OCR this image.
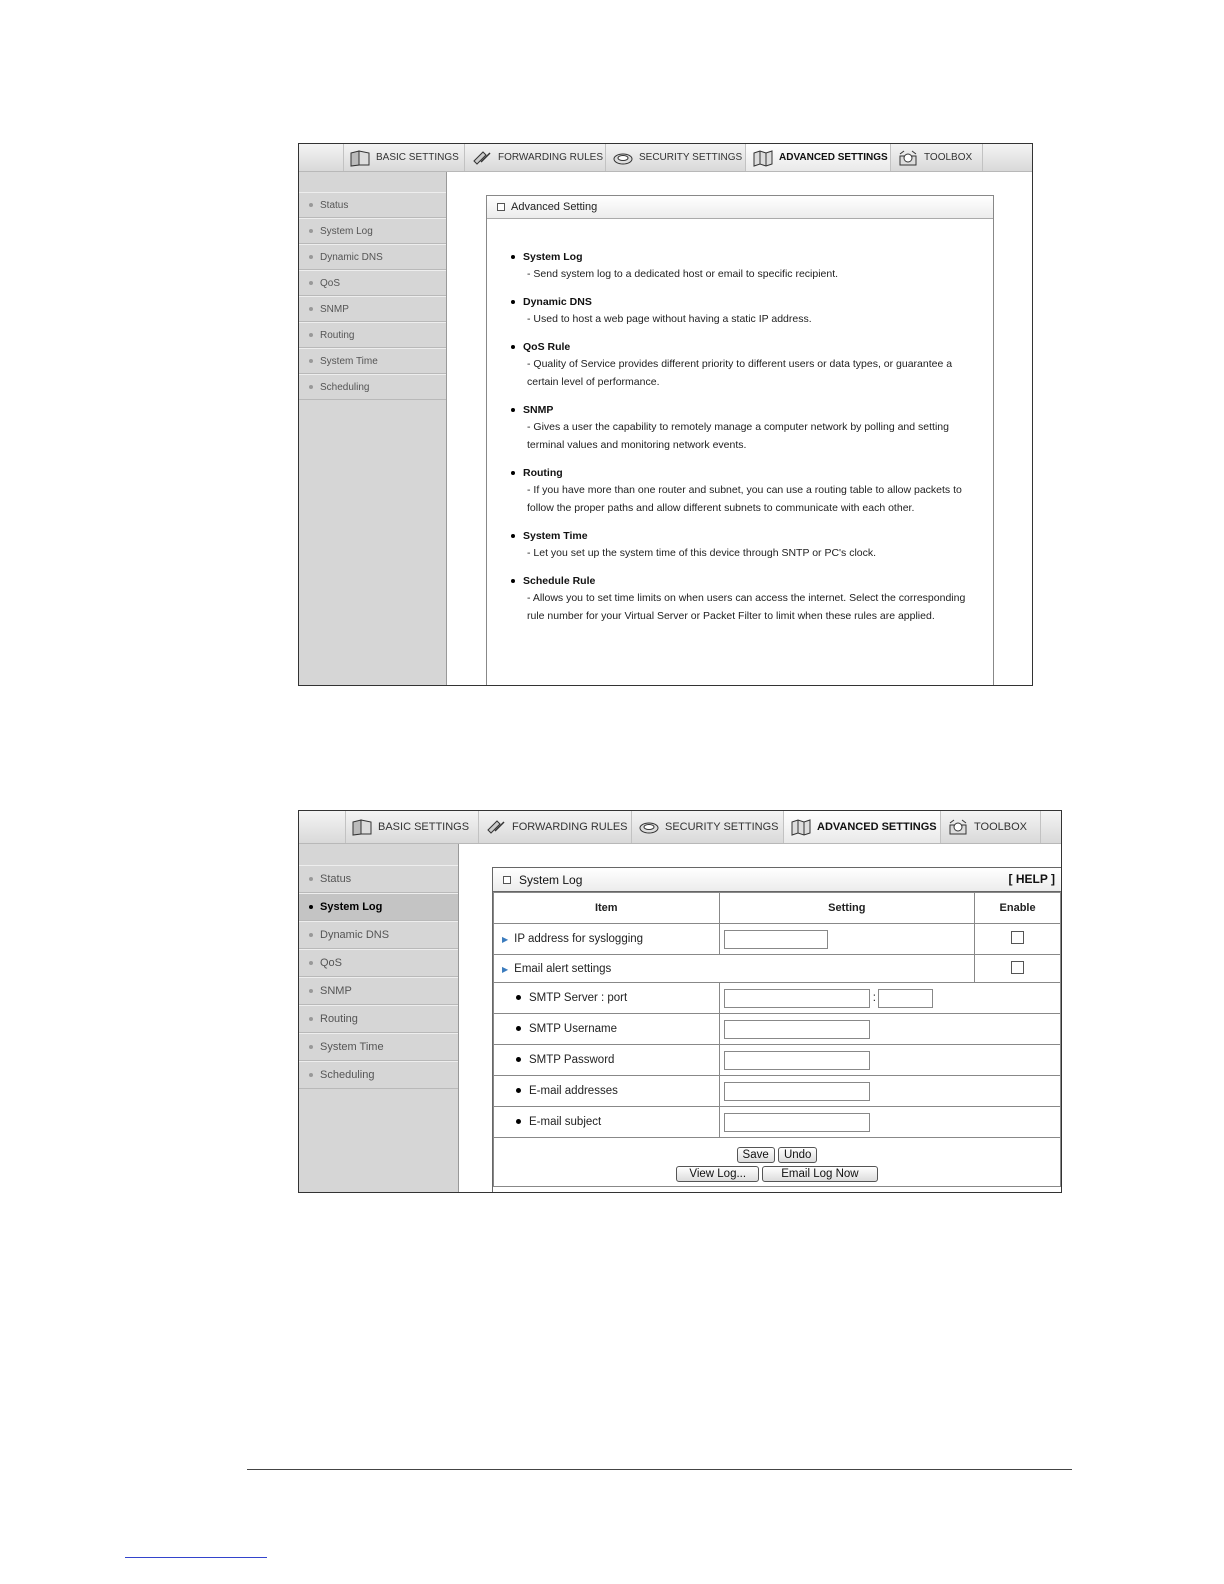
BASIC SETTINGS	FORWARDING RULES	SECURITY SETTINGS	ADVANCED SETTINGS	TOOLBOX
Status
System Log
Dynamic DNS
QoS
SNMP
Routing
System Time
Scheduling
Advanced Setting
System Log
- Send system log to a dedicated host or email to specific recipient.
Dynamic DNS
- Used to host a web page without having a static IP address.
QoS Rule
- Quality of Service provides different priority to different users or data types, or guarantee a certain level of performance.
SNMP
- Gives a user the capability to remotely manage a computer network by polling and setting terminal values and monitoring network events.
Routing
- If you have more than one router and subnet, you can use a routing table to allow packets to follow the proper paths and allow different subnets to communicate with each other.
System Time
- Let you set up the system time of this device through SNTP or PC's clock.
Schedule Rule
- Allows you to set time limits on when users can access the internet. Select the corresponding rule number for your Virtual Server or Packet Filter to limit when these rules are applied.
BASIC SETTINGS	FORWARDING RULES	SECURITY SETTINGS	ADVANCED SETTINGS	TOOLBOX
Status
System Log
Dynamic DNS
QoS
SNMP
Routing
System Time
Scheduling
System Log	[ HELP ]
Item	Setting	Enable
▶ IP address for syslogging		
▶ Email alert settings		
SMTP Server : port	:	
SMTP Username	
SMTP Password	
E-mail addresses	
E-mail subject	

Save Undo
View Log... Email Log Now		
